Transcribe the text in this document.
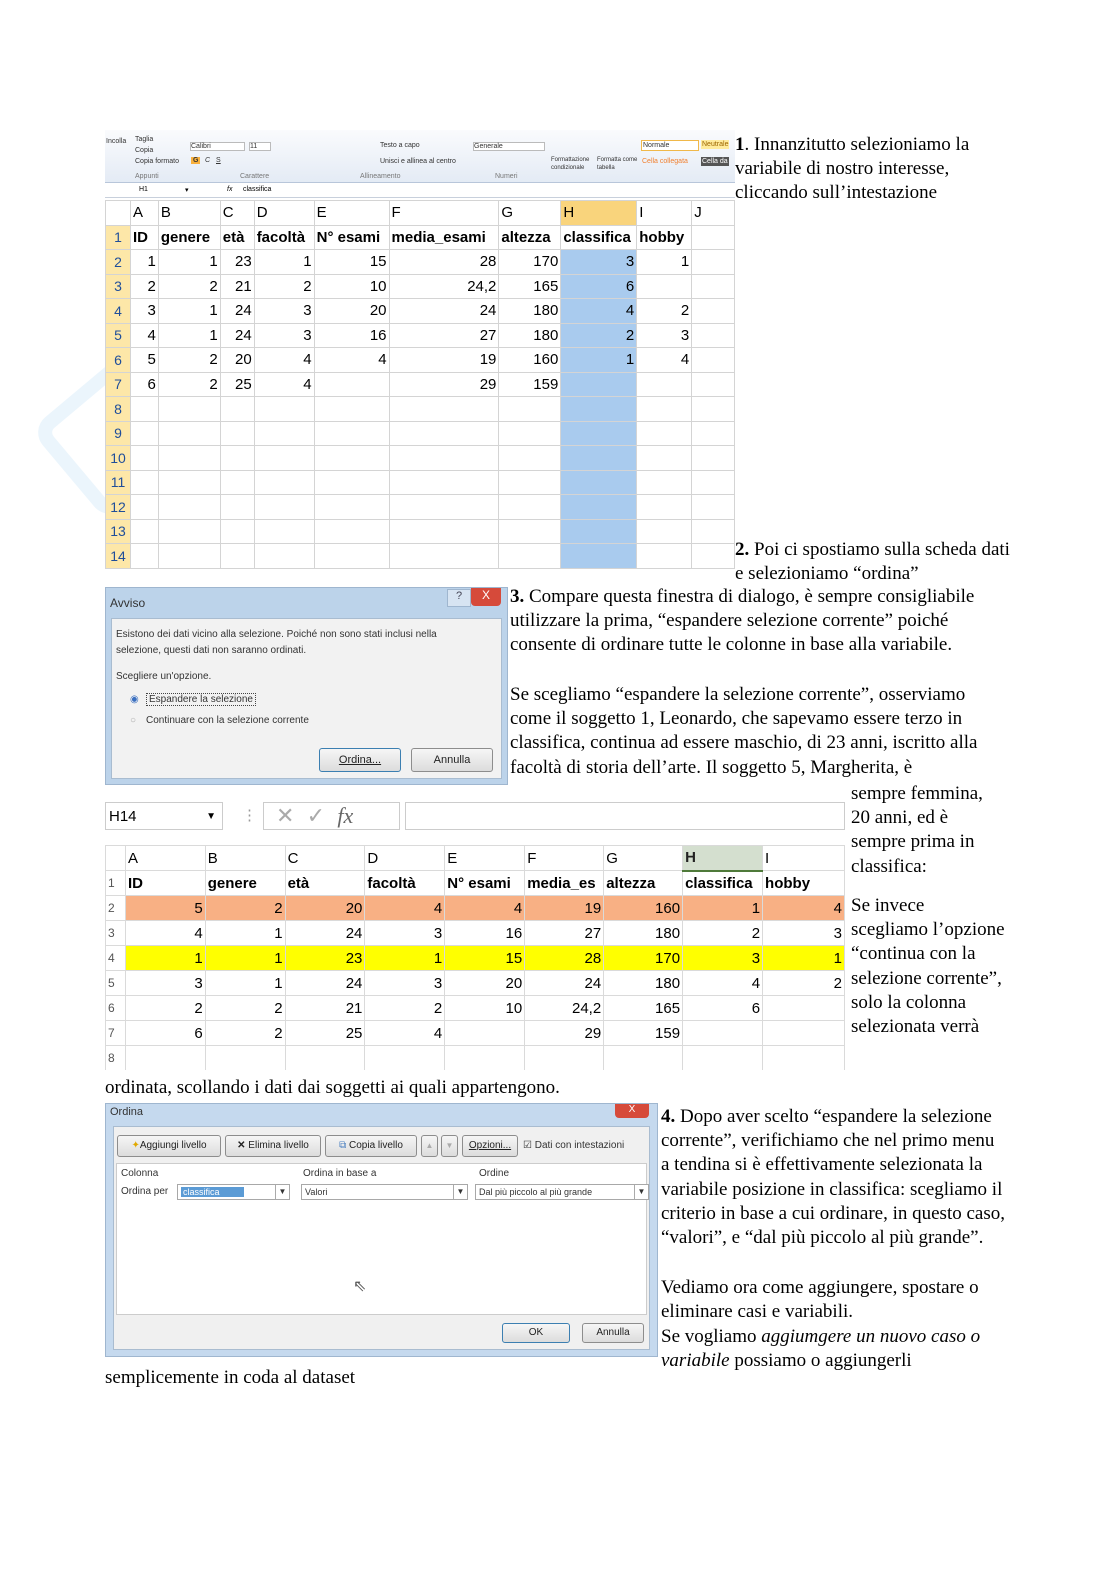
Incolla Taglia
Copia
Copia formato
Appunti
Calibri	11
G C S
Carattere
Testo a capo
Unisci e allinea al centro
Allineamento
Generale
Numeri
Formattazione condizionale
Formatta come tabella
Normale	Neutrale
Cella collegata	Cella da
H1	▾	fx classifica
	A	B	C	D	E	F	G	H	I	J
1	ID	genere	età	facoltà	N° esami	media_esami	altezza	classifica	hobby	
2	1	1	23	1	15	28	170	3	1	
3	2	2	21	2	10	24,2	165	6		
4	3	1	24	3	20	24	180	4	2	
5	4	1	24	3	16	27	180	2	3	
6	5	2	20	4	4	19	160	1	4	
7	6	2	25	4		29	159			
8										
9										
10										
11										
12										
13										
14										
1. Innanzitutto selezioniamo la variabile di nostro interesse, cliccando sull’intestazione
2. Poi ci spostiamo sulla scheda dati e selezioniamo “ordina”
Avviso	?	X
Esistono dei dati vicino alla selezione. Poiché non sono stati inclusi nella
selezione, questi dati non saranno ordinati.
Scegliere un'opzione.
◉	Espandere la selezione
○ Continuare con la selezione corrente
Ordina...	Annulla
3. Compare questa finestra di dialogo, è sempre consigliabile utilizzare la prima, “espandere selezione corrente” poiché consente di ordinare tutte le colonne in base alla variabile.
Se scegliamo “espandere la selezione corrente”, osserviamo come il soggetto 1, Leonardo, che sapevamo essere terzo in classifica, continua ad essere maschio, di 23 anni, iscritto alla facoltà di storia dell’arte. Il soggetto 5, Margherita, è
sempre femmina, 20 anni, ed è sempre prima in classifica:
Se invece scegliamo l’opzione “continua con la selezione corrente”, solo la colonna selezionata verrà
ordinata, scollando i dati dai soggetti ai quali appartengono.
H14	▼ ⋮ ✕ ✓ fx
	A	B	C	D	E	F	G	H	I
1	ID	genere	età	facoltà	N° esami	media_es	altezza	classifica	hobby
2	5	2	20	4	4	19	160	1	4
3	4	1	24	3	16	27	180	2	3
4	1	1	23	1	15	28	170	3	1
5	3	1	24	3	20	24	180	4	2
6	2	2	21	2	10	24,2	165	6	
7	6	2	25	4		29	159		
8									
Ordina	X
✦Aggiungi livello	✕ Elimina livello	⧉ Copia livello	▲	▼	Opzioni...	☑ Dati con intestazioni
Colonna	Ordina in base a	Ordine
Ordina per	classifica	▼	Valori	▼	Dal più piccolo al più grande	▼
⇖
OK	Annulla
4. Dopo aver scelto “espandere la selezione corrente”, verifichiamo che nel primo menu a tendina si è effettivamente selezionata la variabile posizione in classifica: scegliamo il criterio in base a cui ordinare, in questo caso, “valori”, e “dal più piccolo al più grande”.
Vediamo ora come aggiungere, spostare o eliminare casi e variabili.
Se vogliamo aggiumgere un nuovo caso o variabile possiamo o aggiungerli
semplicemente in coda al dataset
